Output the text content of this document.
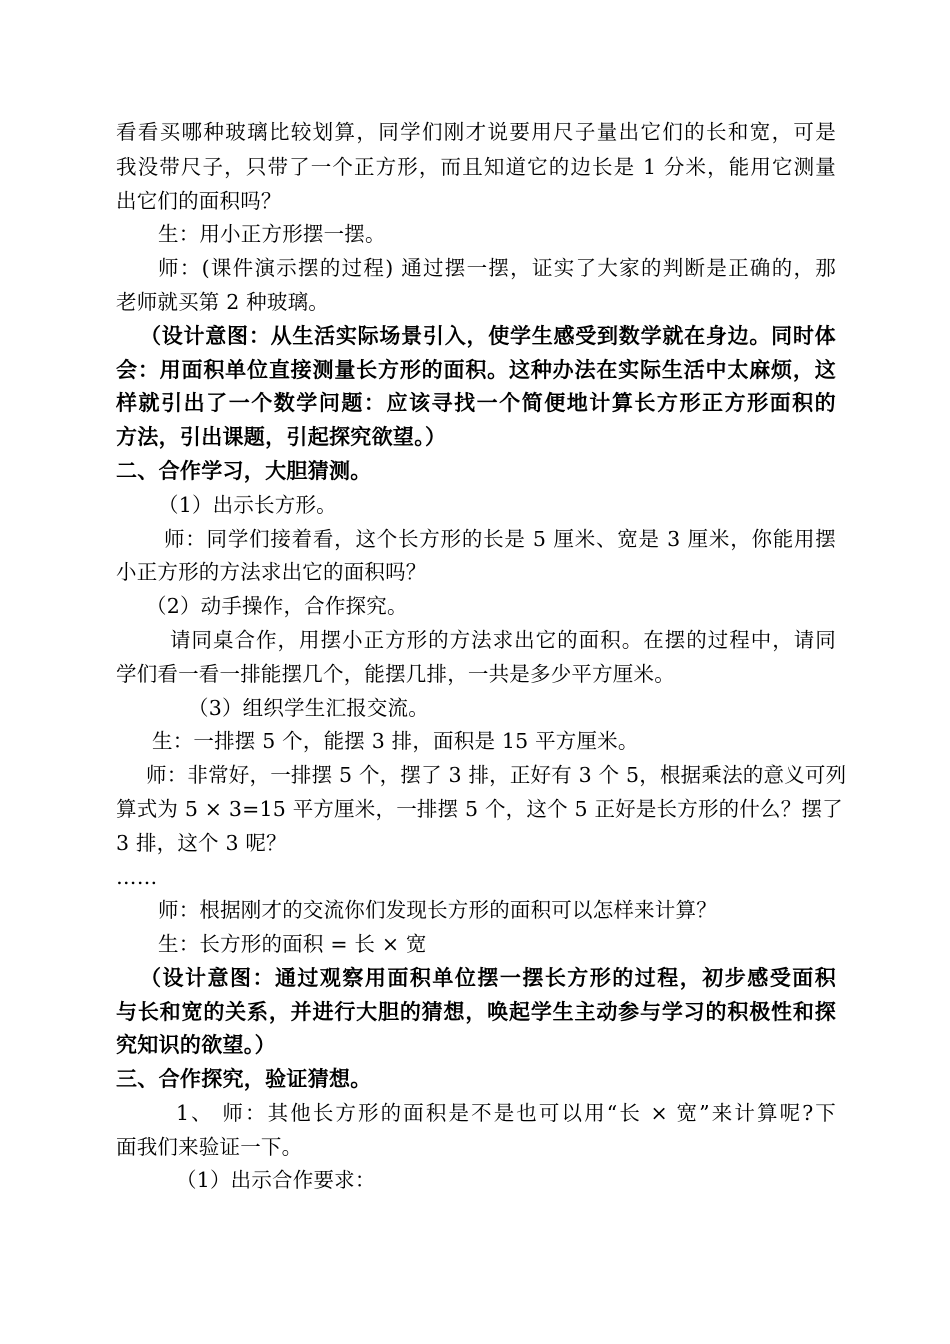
看看买哪种玻璃比较划算，同学们刚才说要用尺子量出它们的长和宽，可是
我没带尺子，只带了一个正方形，而且知道它的边长是 1 分米，能用它测量
出它们的面积吗？
生：用小正方形摆一摆。
师：(课件演示摆的过程) 通过摆一摆，证实了大家的判断是正确的，那
老师就买第 2 种玻璃。
（设计意图：从生活实际场景引入，使学生感受到数学就在身边。同时体
会：用面积单位直接测量长方形的面积。这种办法在实际生活中太麻烦，这
样就引出了一个数学问题：应该寻找一个简便地计算长方形正方形面积的
方法，引出课题，引起探究欲望。）
二、合作学习，大胆猜测。
（1）出示长方形。
师：同学们接着看，这个长方形的长是 5 厘米、宽是 3 厘米，你能用摆
小正方形的方法求出它的面积吗？
（2）动手操作，合作探究。
请同桌合作，用摆小正方形的方法求出它的面积。在摆的过程中，请同
学们看一看一排能摆几个，能摆几排，一共是多少平方厘米。
（3）组织学生汇报交流。
生：一排摆 5 个，能摆 3 排，面积是 15 平方厘米。
师：非常好，一排摆 5 个，摆了 3 排，正好有 3 个 5，根据乘法的意义可列
算式为 5 × 3=15 平方厘米，一排摆 5 个，这个 5 正好是长方形的什么？摆了
3 排，这个 3 呢？
……
师：根据刚才的交流你们发现长方形的面积可以怎样来计算？
生：长方形的面积 = 长 × 宽
（设计意图：通过观察用面积单位摆一摆长方形的过程，初步感受面积
与长和宽的关系，并进行大胆的猜想，唤起学生主动参与学习的积极性和探
究知识的欲望。）
三、合作探究，验证猜想。
1、 师：其他长方形的面积是不是也可以用“长 × 宽”来计算呢?下
面我们来验证一下。
（1）出示合作要求：
